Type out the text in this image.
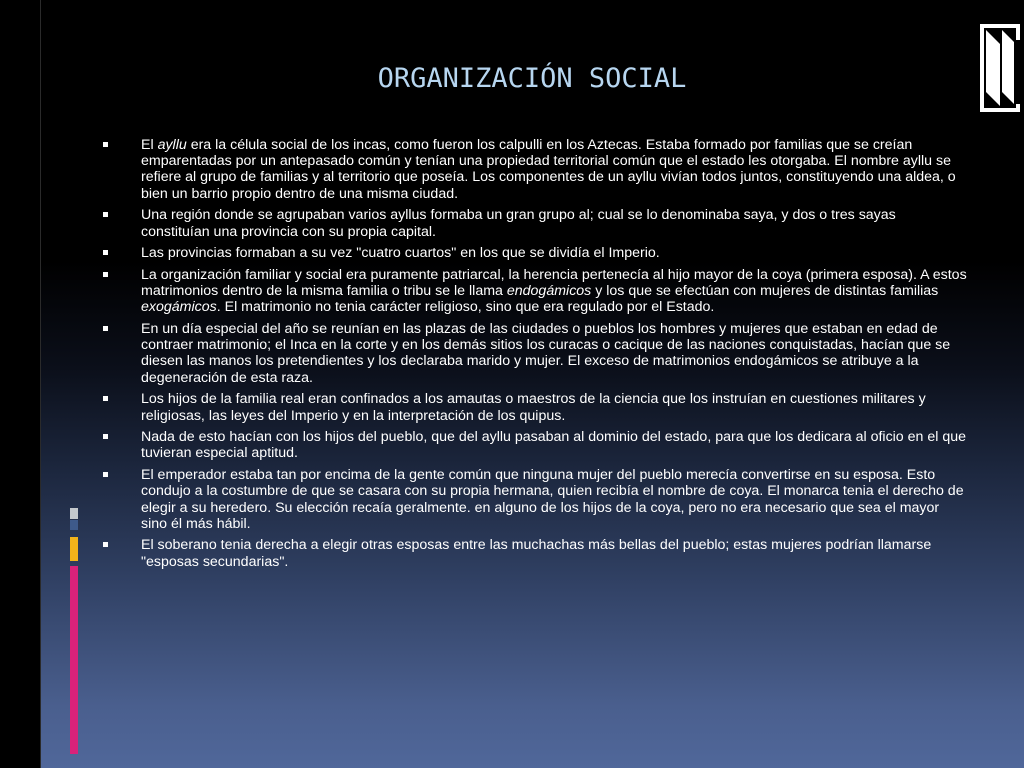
ORGANIZACIÓN SOCIAL
El ayllu era la célula social de los incas, como fueron los calpulli en los Aztecas. Estaba formado por familias que se creían emparentadas por un antepasado común y tenían una propiedad territorial común que el estado les otorgaba. El nombre ayllu se refiere al grupo de familias y al territorio que poseía. Los componentes de un ayllu vivían todos juntos, constituyendo una aldea, o bien un barrio propio dentro de una misma ciudad.
Una región donde se agrupaban varios ayllus formaba un gran grupo al; cual se lo denominaba saya, y dos o tres sayas constituían una provincia con su propia capital.
Las provincias formaban a su vez "cuatro cuartos" en los que se dividía el Imperio.
La organización familiar y social era puramente patriarcal, la herencia pertenecía al hijo mayor de la coya (primera esposa). A estos matrimonios dentro de la misma familia o tribu se le llama endogámicos y los que se efectúan con mujeres de distintas familias exogámicos. El matrimonio no tenia carácter religioso, sino que era regulado por el Estado.
En un día especial del año se reunían en las plazas de las ciudades o pueblos los hombres y mujeres que estaban en edad de contraer matrimonio; el Inca en la corte y en los demás sitios los curacas o cacique de las naciones conquistadas, hacían que se diesen las manos los pretendientes y los declaraba marido y mujer. El exceso de matrimonios endogámicos se atribuye a la degeneración de esta raza.
Los hijos de la familia real eran confinados a los amautas o maestros de la ciencia que los instruían en cuestiones militares y religiosas, las leyes del Imperio y en la interpretación de los quipus.
Nada de esto hacían con los hijos del pueblo, que del ayllu pasaban al dominio del estado, para que los dedicara al oficio en el que tuvieran especial aptitud.
El emperador estaba tan por encima de la gente común que ninguna mujer del pueblo merecía convertirse en su esposa. Esto condujo a la costumbre de que se casara con su propia hermana, quien recibía el nombre de coya. El monarca tenia el derecho de elegir a su heredero. Su elección recaía geralmente. en alguno de los hijos de la coya, pero no era necesario que sea el mayor sino él más hábil.
El soberano tenia derecha a elegir otras esposas entre las muchachas más bellas del pueblo; estas mujeres podrían llamarse "esposas secundarias".
